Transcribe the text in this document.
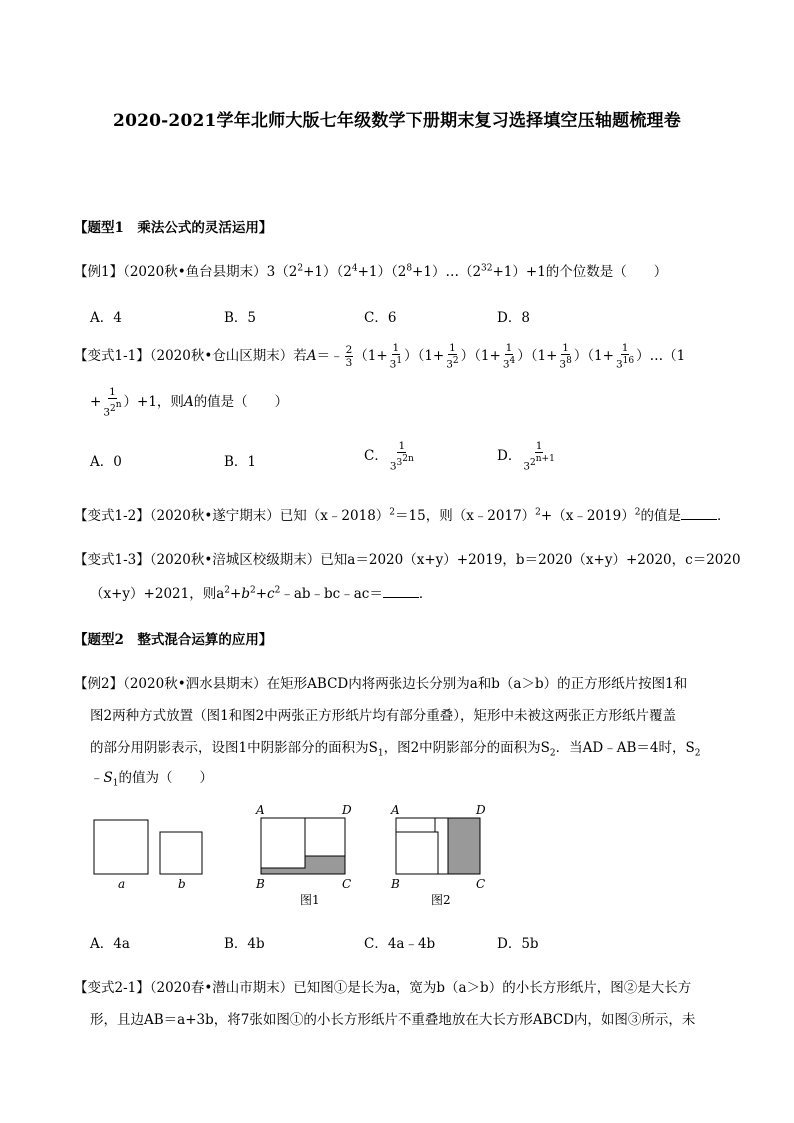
2020-2021学年北师大版七年级数学下册期末复习选择填空压轴题梳理卷
【题型1　乘法公式的灵活运用】
【例1】（2020秋•鱼台县期末）$3(2^2+1)(2^4+1)(2^8+1)\dots(2^{32}+1)+1$的个位数是（　　）
A．4	B．5	C．6	D．8
【变式1-1】（2020秋•仓山区期末）若A＝﹣ $\frac{2}{3} (1+ \frac{1}{3^1} )(1+ \frac{1}{3^2} )(1+ \frac{1}{3^4} )(1+ \frac{1}{3^8} )(1+ \frac{1}{3^{16}}$ ）…（1
+ $\frac{1}{3^{2^n}} )+1$，则A的值是（　　）
A．0	B．1	C． $\frac{1}{3^{3^{2n}}}$	D． $\frac{1}{3^{2^{n+1}}}$
【变式1-2】（2020秋•遂宁期末）已知（x﹣2018）$^2$＝15，则（x﹣2017）$^2$+（x﹣2019）$^2$的值是	．
【变式1-3】（2020秋•涪城区校级期末）已知a＝2020（x+y）+2019，b＝2020（x+y）+2020，c＝2020
（x+y）+2021，则$a^2+b^2+c^2﹣ab﹣bc﹣ac=$	．
【题型2　整式混合运算的应用】
【例2】（2020秋•泗水县期末）在矩形ABCD内将两张边长分别为a和b（a＞b）的正方形纸片按图1和
图2两种方式放置（图1和图2中两张正方形纸片均有部分重叠），矩形中未被这两张正方形纸片覆盖
的部分用阴影表示，设图1中阴影部分的面积为$S_1$，图2中阴影部分的面积为$S_2$．当AD﹣AB＝4时，$S_2$
$﹣S_1$的值为（　　）
a	b
A	D
B	C
图1
A	D
B	C
图2
A．4a	B．4b	C．4a﹣4b	D．5b
【变式2-1】（2020春•潜山市期末）已知图①是长为a，宽为b（a＞b）的小长方形纸片，图②是大长方
形，且边AB＝a+3b，将7张如图①的小长方形纸片不重叠地放在大长方形ABCD内，如图③所示，未
